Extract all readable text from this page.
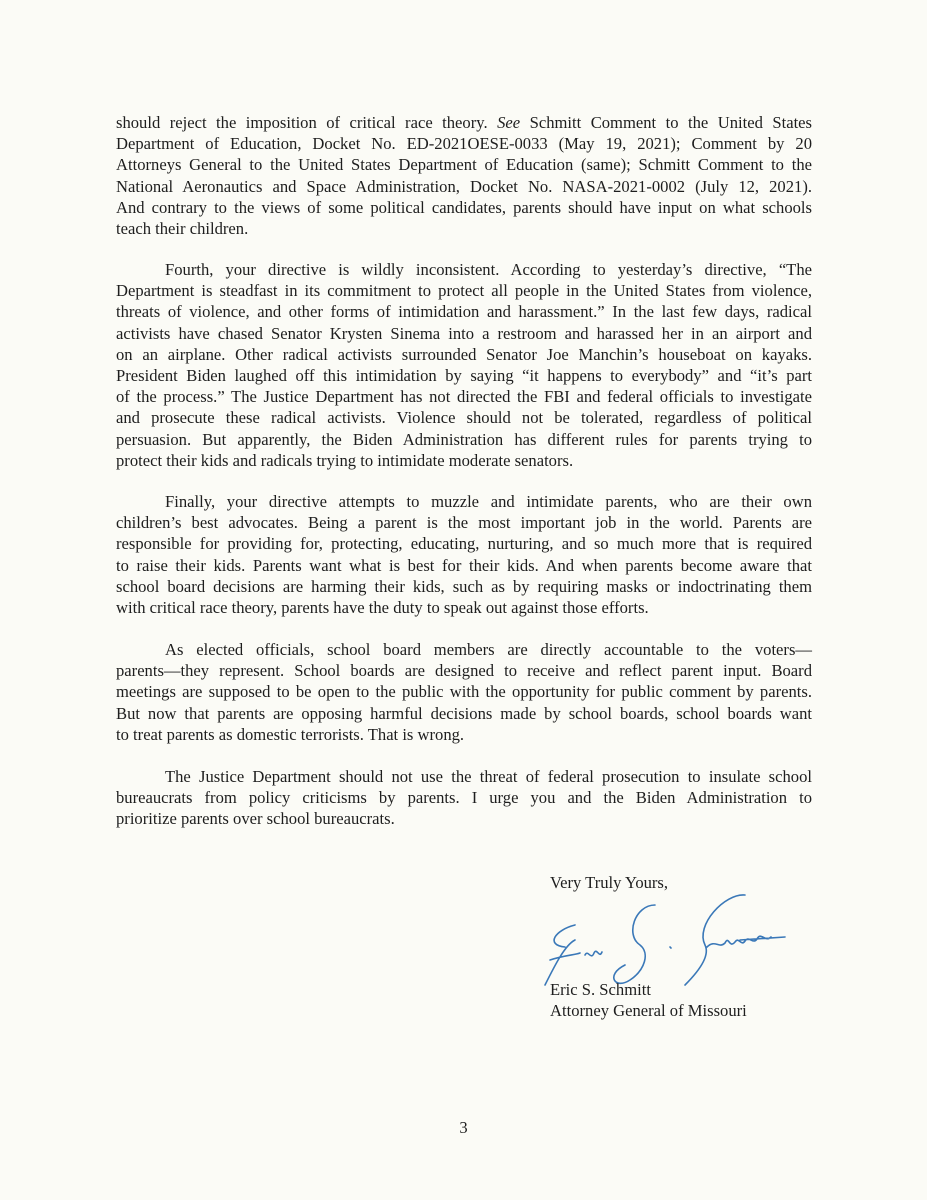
should reject the imposition of critical race theory. See Schmitt Comment to the United States
Department of Education, Docket No. ED-2021OESE-0033 (May 19, 2021); Comment by 20
Attorneys General to the United States Department of Education (same); Schmitt Comment to the
National Aeronautics and Space Administration, Docket No. NASA-2021-0002 (July 12, 2021).
And contrary to the views of some political candidates, parents should have input on what schools
teach their children.
Fourth, your directive is wildly inconsistent. According to yesterday’s directive, “The
Department is steadfast in its commitment to protect all people in the United States from violence,
threats of violence, and other forms of intimidation and harassment.” In the last few days, radical
activists have chased Senator Krysten Sinema into a restroom and harassed her in an airport and
on an airplane. Other radical activists surrounded Senator Joe Manchin’s houseboat on kayaks.
President Biden laughed off this intimidation by saying “it happens to everybody” and “it’s part
of the process.” The Justice Department has not directed the FBI and federal officials to investigate
and prosecute these radical activists. Violence should not be tolerated, regardless of political
persuasion. But apparently, the Biden Administration has different rules for parents trying to
protect their kids and radicals trying to intimidate moderate senators.
Finally, your directive attempts to muzzle and intimidate parents, who are their own
children’s best advocates. Being a parent is the most important job in the world. Parents are
responsible for providing for, protecting, educating, nurturing, and so much more that is required
to raise their kids. Parents want what is best for their kids. And when parents become aware that
school board decisions are harming their kids, such as by requiring masks or indoctrinating them
with critical race theory, parents have the duty to speak out against those efforts.
As elected officials, school board members are directly accountable to the voters—
parents—they represent. School boards are designed to receive and reflect parent input. Board
meetings are supposed to be open to the public with the opportunity for public comment by parents.
But now that parents are opposing harmful decisions made by school boards, school boards want
to treat parents as domestic terrorists. That is wrong.
The Justice Department should not use the threat of federal prosecution to insulate school
bureaucrats from policy criticisms by parents. I urge you and the Biden Administration to
prioritize parents over school bureaucrats.
Very Truly Yours,
Eric S. Schmitt
Attorney General of Missouri
3
